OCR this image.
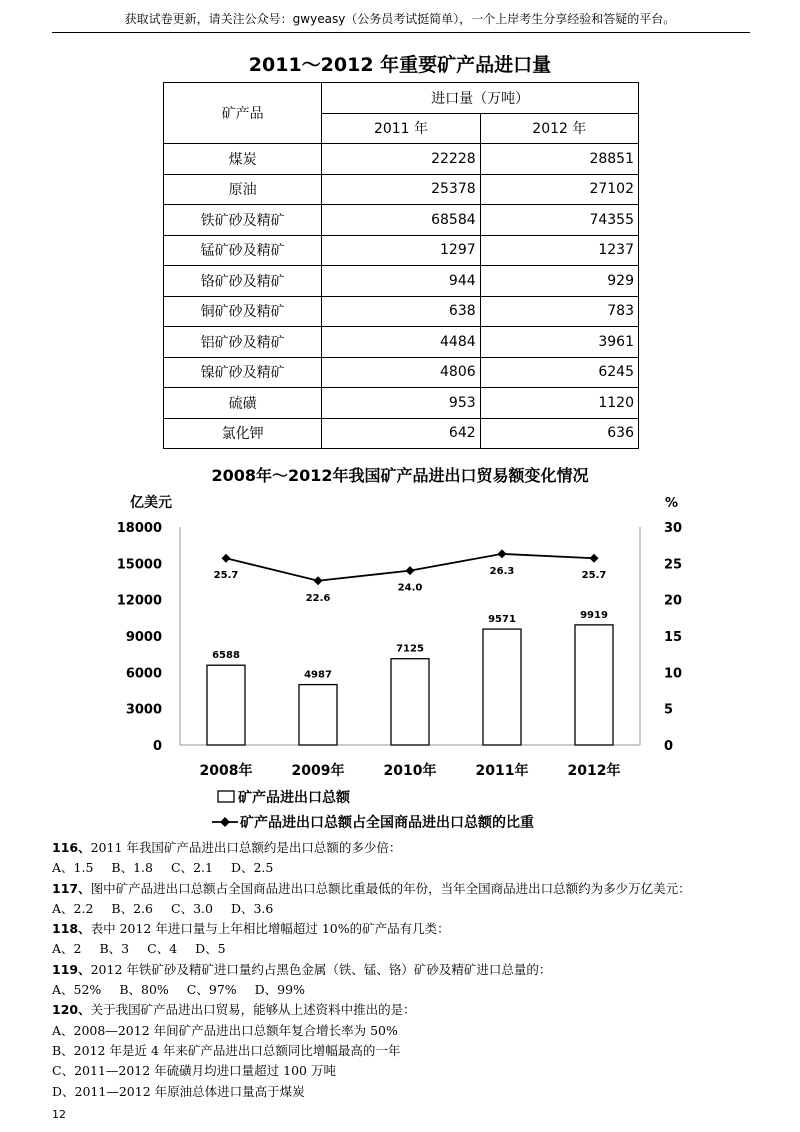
获取试卷更新，请关注公众号：gwyeasy（公务员考试挺简单），一个上岸考生分享经验和答疑的平台。
2011～2012 年重要矿产品进口量
矿产品	进口量（万吨）	
	2011 年	2012 年
煤炭	22228	28851
原油	25378	27102
铁矿砂及精矿	68584	74355
锰矿砂及精矿	1297	1237
铬矿砂及精矿	944	929
铜矿砂及精矿	638	783
铝矿砂及精矿	4484	3961
镍矿砂及精矿	4806	6245
硫磺	953	1120
氯化钾	642	636
2008年～2012年我国矿产品进出口贸易额变化情况
亿美元	%
0
3000
6000
9000
12000
15000
18000
0
5
10
15
20
25
30
6588
4987
7125
9571	9919
25.7
22.6
24.0
26.3	25.7
2008年	2009年	2010年	2011年	2012年
矿产品进出口总额
矿产品进出口总额占全国商品进出口总额的比重
116、2011 年我国矿产品进出口总额约是出口总额的多少倍：
A、1.5 B、1.8 C、2.1 D、2.5
117、图中矿产品进出口总额占全国商品进出口总额比重最低的年份，当年全国商品进出口总额约为多少万亿美元：
A、2.2 B、2.6 C、3.0 D、3.6
118、表中 2012 年进口量与上年相比增幅超过 10%的矿产品有几类：
A、2 B、3 C、4 D、5
119、2012 年铁矿砂及精矿进口量约占黑色金属（铁、锰、铬）矿砂及精矿进口总量的：
A、52% B、80% C、97% D、99%
120、关于我国矿产品进出口贸易，能够从上述资料中推出的是：
A、2008—2012 年间矿产品进出口总额年复合增长率为 50%
B、2012 年是近 4 年来矿产品进出口总额同比增幅最高的一年
C、2011—2012 年硫磺月均进口量超过 100 万吨
D、2011—2012 年原油总体进口量高于煤炭
12
